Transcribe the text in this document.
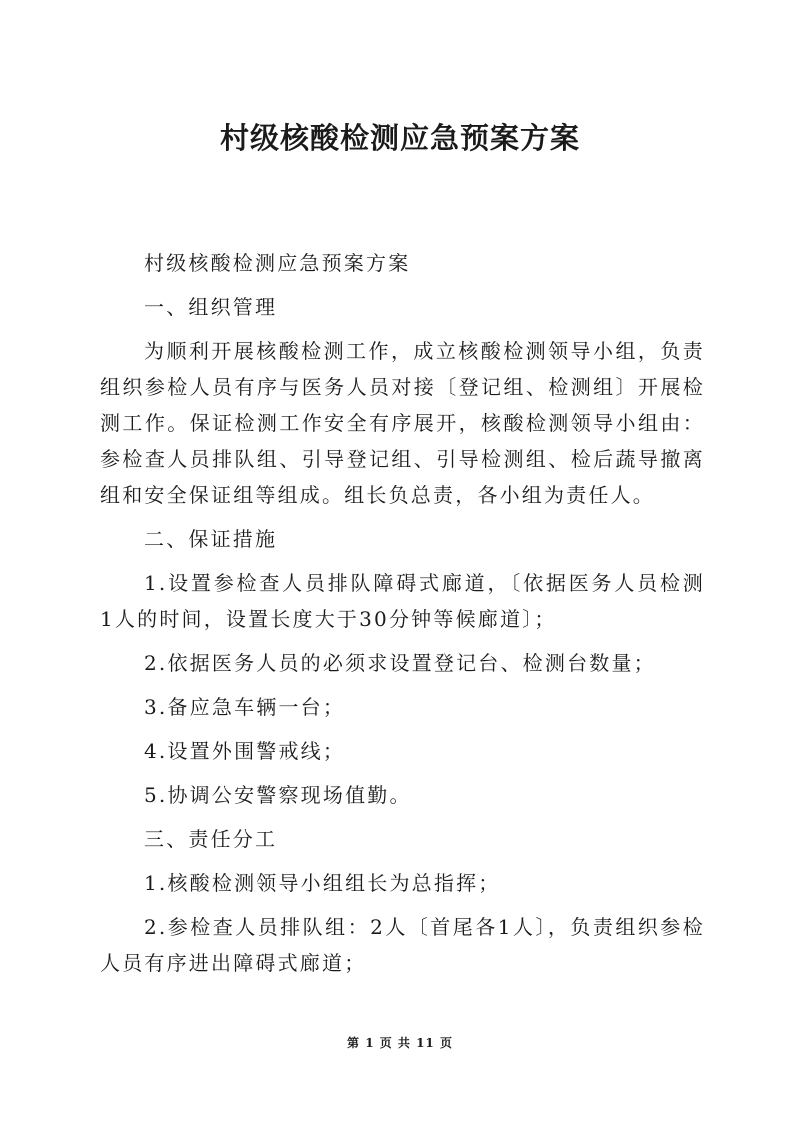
村级核酸检测应急预案方案

村级核酸检测应急预案方案

一、组织管理

为顺利开展核酸检测工作，成立核酸检测领导小组，负责组织参检人员有序与医务人员对接〔登记组、检测组〕开展检测工作。保证检测工作安全有序展开，核酸检测领导小组由：参检查人员排队组、引导登记组、引导检测组、检后蔬导撤离组和安全保证组等组成。组长负总责，各小组为责任人。

二、保证措施

1.设置参检查人员排队障碍式廊道，〔依据医务人员检测1人的时间，设置长度大于30分钟等候廊道〕；

2.依据医务人员的必须求设置登记台、检测台数量；

3.备应急车辆一台；

4.设置外围警戒线；

5.协调公安警察现场值勤。

三、责任分工

1.核酸检测领导小组组长为总指挥；

2.参检查人员排队组：2人〔首尾各1人〕，负责组织参检人员有序进出障碍式廊道；

第 1 页 共 11 页
